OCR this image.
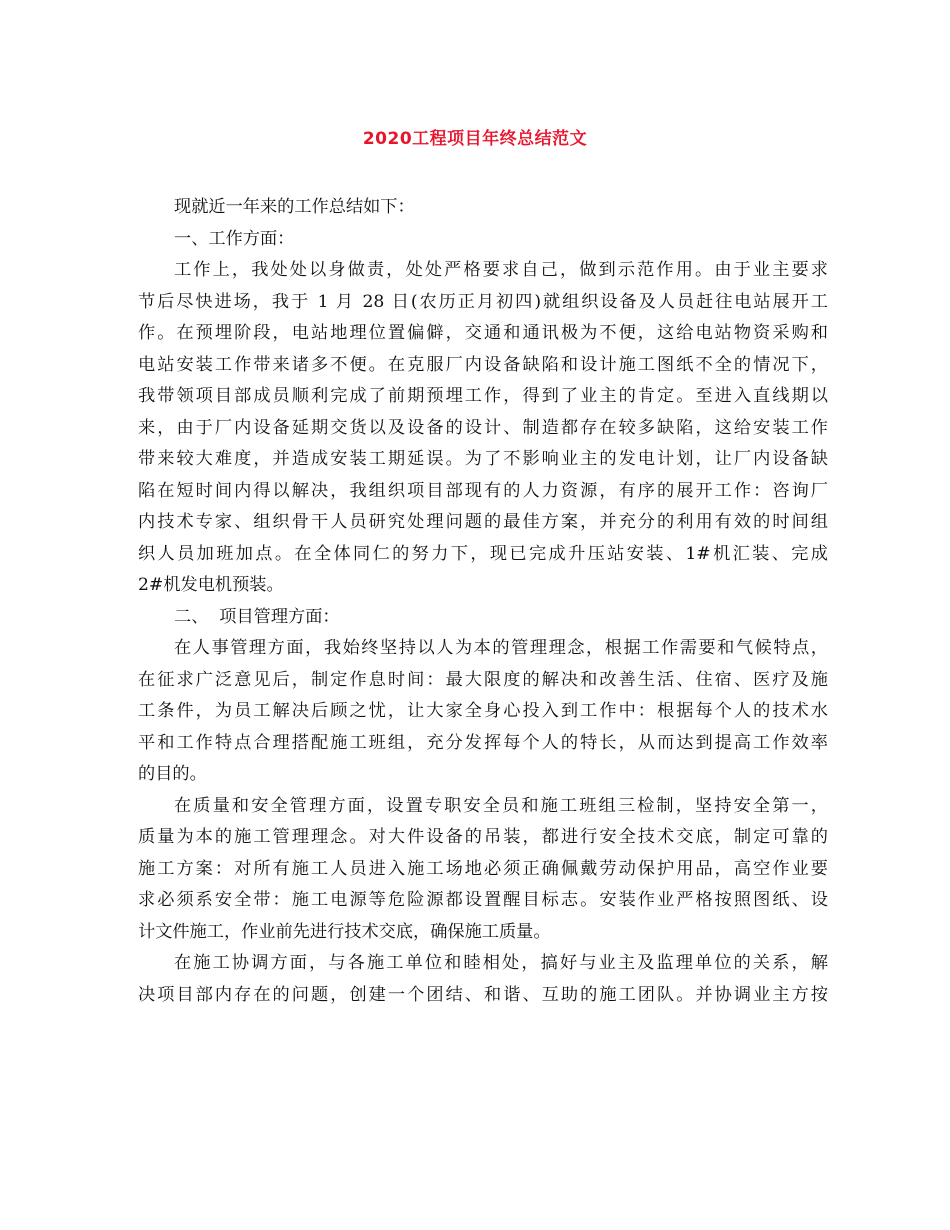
2020工程项目年终总结范文
现就近一年来的工作总结如下：
一、工作方面：
工作上，我处处以身做责，处处严格要求自己，做到示范作用。由于业主要求
节后尽快进场，我于 1 月 28 日(农历正月初四)就组织设备及人员赶往电站展开工
作。在预埋阶段，电站地理位置偏僻，交通和通讯极为不便，这给电站物资采购和
电站安装工作带来诸多不便。在克服厂内设备缺陷和设计施工图纸不全的情况下，
我带领项目部成员顺利完成了前期预埋工作，得到了业主的肯定。至进入直线期以
来，由于厂内设备延期交货以及设备的设计、制造都存在较多缺陷，这给安装工作
带来较大难度，并造成安装工期延误。为了不影响业主的发电计划，让厂内设备缺
陷在短时间内得以解决，我组织项目部现有的人力资源，有序的展开工作：咨询厂
内技术专家、组织骨干人员研究处理问题的最佳方案，并充分的利用有效的时间组
织人员加班加点。在全体同仁的努力下，现已完成升压站安装、1#机汇装、完成
2#机发电机预装。
二、  项目管理方面：
在人事管理方面，我始终坚持以人为本的管理理念，根据工作需要和气候特点，
在征求广泛意见后，制定作息时间：最大限度的解决和改善生活、住宿、医疗及施
工条件，为员工解决后顾之忧，让大家全身心投入到工作中：根据每个人的技术水
平和工作特点合理搭配施工班组，充分发挥每个人的特长，从而达到提高工作效率
的目的。
在质量和安全管理方面，设置专职安全员和施工班组三检制，坚持安全第一，
质量为本的施工管理理念。对大件设备的吊装，都进行安全技术交底，制定可靠的
施工方案：对所有施工人员进入施工场地必须正确佩戴劳动保护用品，高空作业要
求必须系安全带：施工电源等危险源都设置醒目标志。安装作业严格按照图纸、设
计文件施工，作业前先进行技术交底，确保施工质量。
在施工协调方面，与各施工单位和睦相处，搞好与业主及监理单位的关系，解
决项目部内存在的问题，创建一个团结、和谐、互助的施工团队。并协调业主方按
